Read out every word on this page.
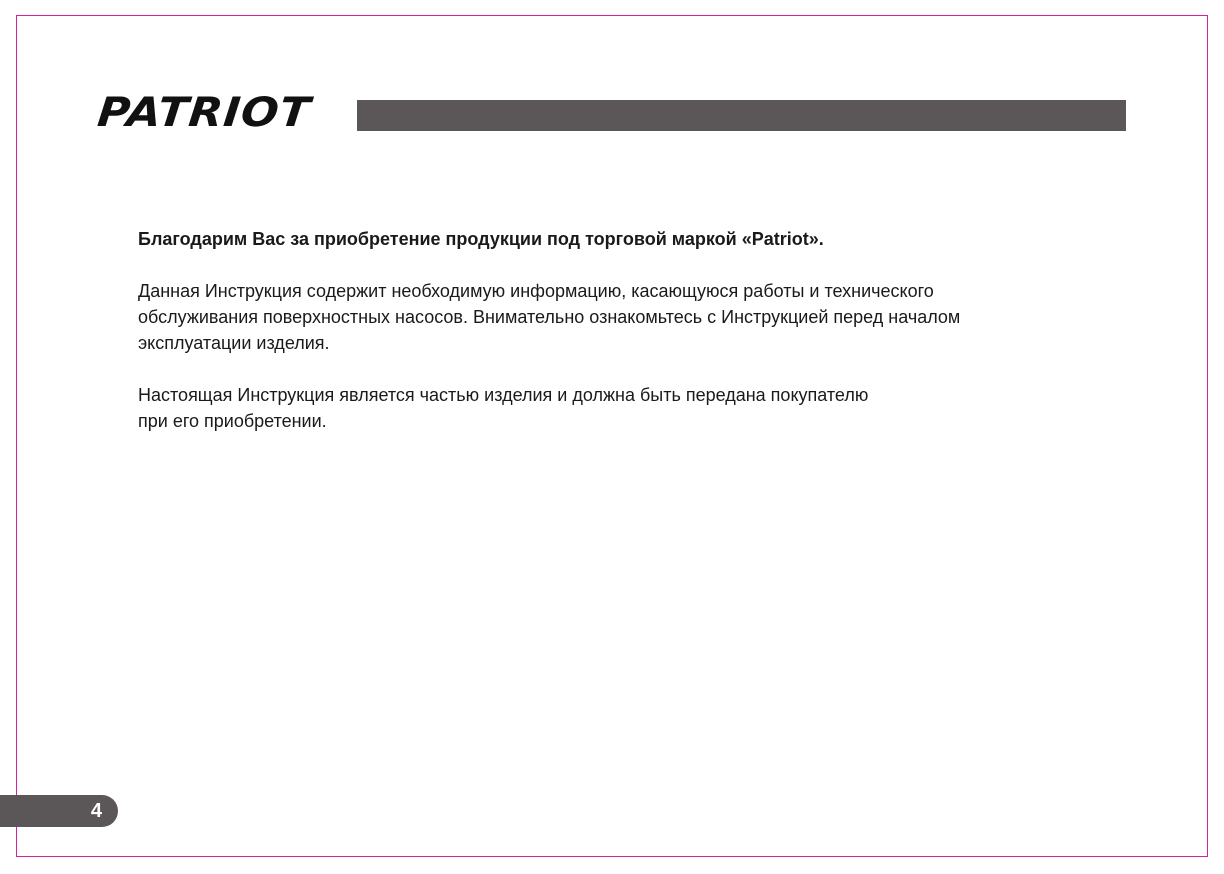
PATRIOT

Благодарим Вас за приобретение продукции под торговой маркой «Patriot».

Данная Инструкция содержит необходимую информацию, касающуюся работы и технического
обслуживания поверхностных насосов. Внимательно ознакомьтесь с Инструкцией перед началом
эксплуатации изделия.

Настоящая Инструкция является частью изделия и должна быть передана покупателю
при его приобретении.

4
